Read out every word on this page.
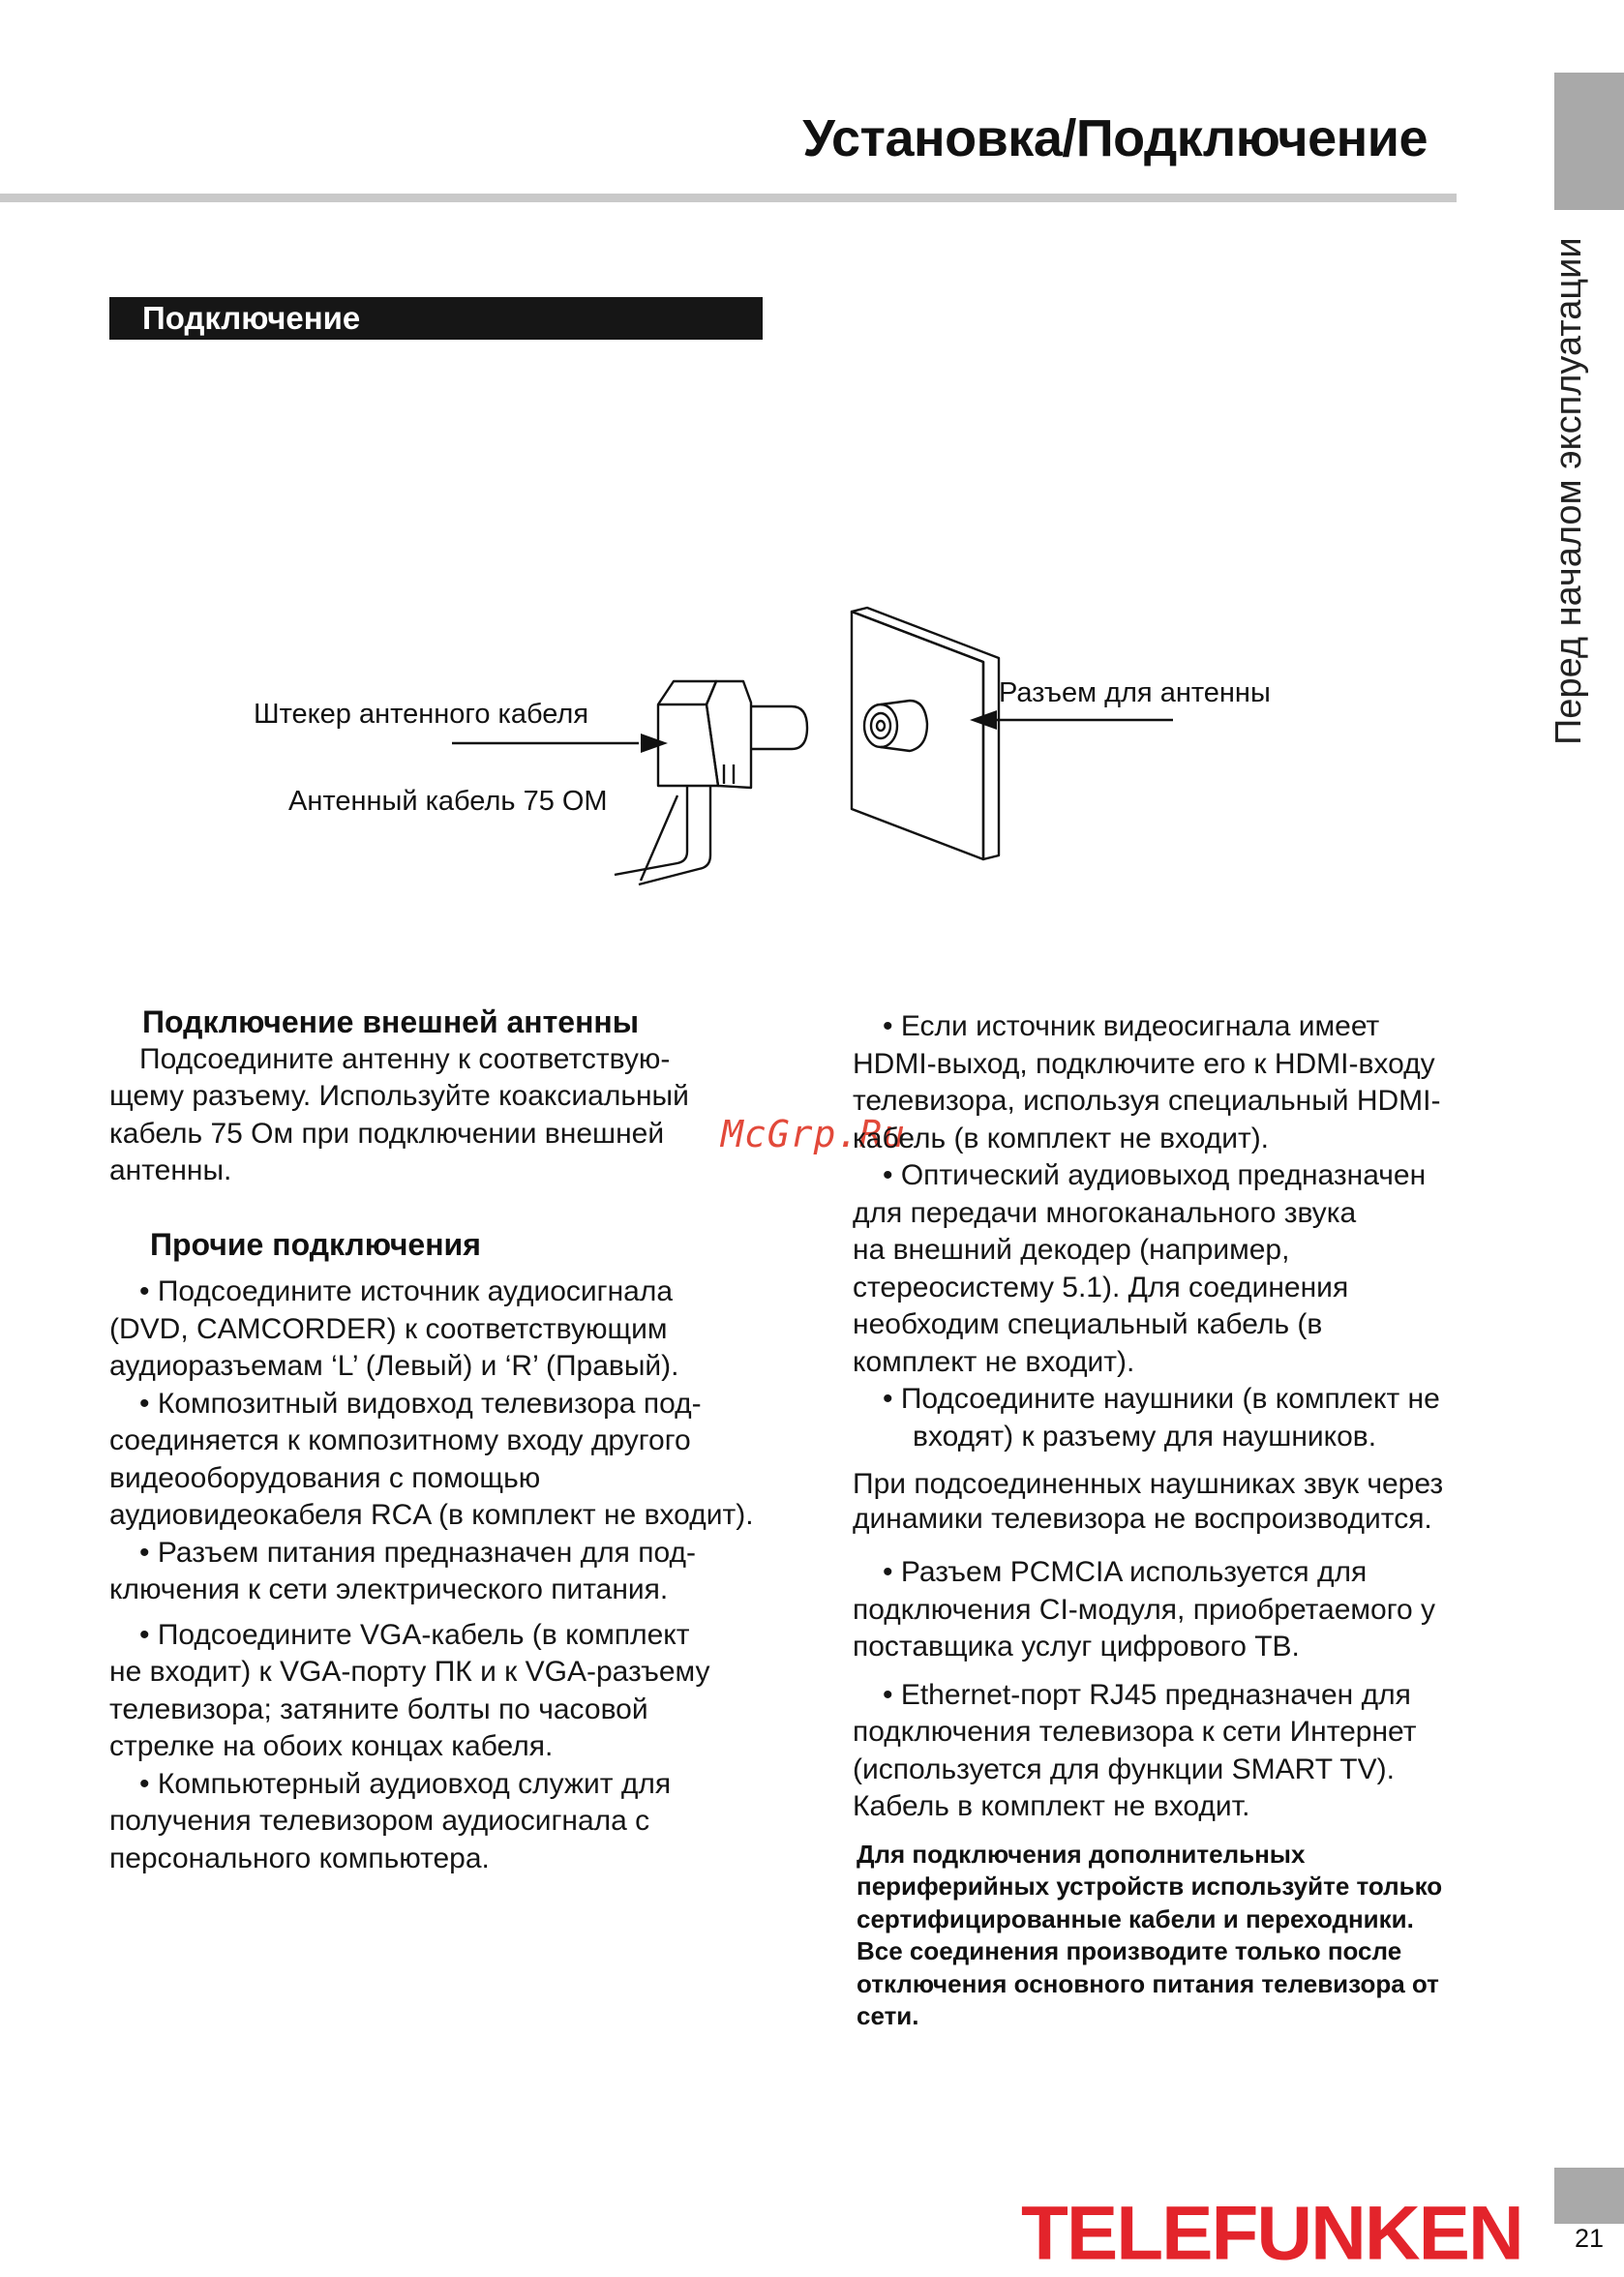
Установка/Подключение
Перед началом эксплуатации
Подключение
Штекер антенного кабеля
Антенный кабель 75 ОМ
Разъем для антенны
McGrp.Ru

Подключение внешней антенны

Подсоедините антенну к соответствую-

щему разъему. Используйте коаксиальный

кабель 75 Ом при подключении внешней

антенны.

Прочие подключения

• Подсоедините источник аудиосигнала

(DVD, CAMCORDER) к соответствующим

аудиоразъемам ‘L’ (Левый) и ‘R’ (Правый).

• Композитный видовход телевизора под-

соединяется к композитному входу другого

видеооборудования с помощью

аудиовидеокабеля RCA (в комплект не входит).

• Разъем питания предназначен для под-

ключения к сети электрического питания.

• Подсоедините VGA-кабель (в комплект

не входит) к VGA-порту ПК и к VGA-разъему

телевизора; затяните болты по часовой

стрелке на обоих концах кабеля.

• Компьютерный аудиовход служит для

получения телевизором аудиосигнала с

персонального компьютера.

• Если источник видеосигнала имеет

HDMI-выход, подключите его к HDMI-входу

телевизора, используя специальный HDMI-

кабель (в комплект не входит).

• Оптический аудиовыход предназначен

для передачи многоканального звука

на внешний декодер (например,

стереосистему 5.1). Для соединения

необходим специальный кабель (в

комплект не входит).

• Подсоедините наушники (в комплект не

входят) к разъему для наушников.

При подсоединенных наушниках звук через

динамики телевизора не воспроизводится.

• Разъем PCMCIA используется для

подключения CI-модуля, приобретаемого у

поставщика услуг цифрового ТВ.

• Ethernet-порт RJ45 предназначен для

подключения телевизора к сети Интернет

(используется для функции SMART TV).

Кабель в комплект не входит.

Для подключения дополнительных

периферийных устройств используйте только

сертифицированные кабели и переходники.

Все соединения производите только после

отключения основного питания телевизора от

сети.

TELEFUNKEN	21
